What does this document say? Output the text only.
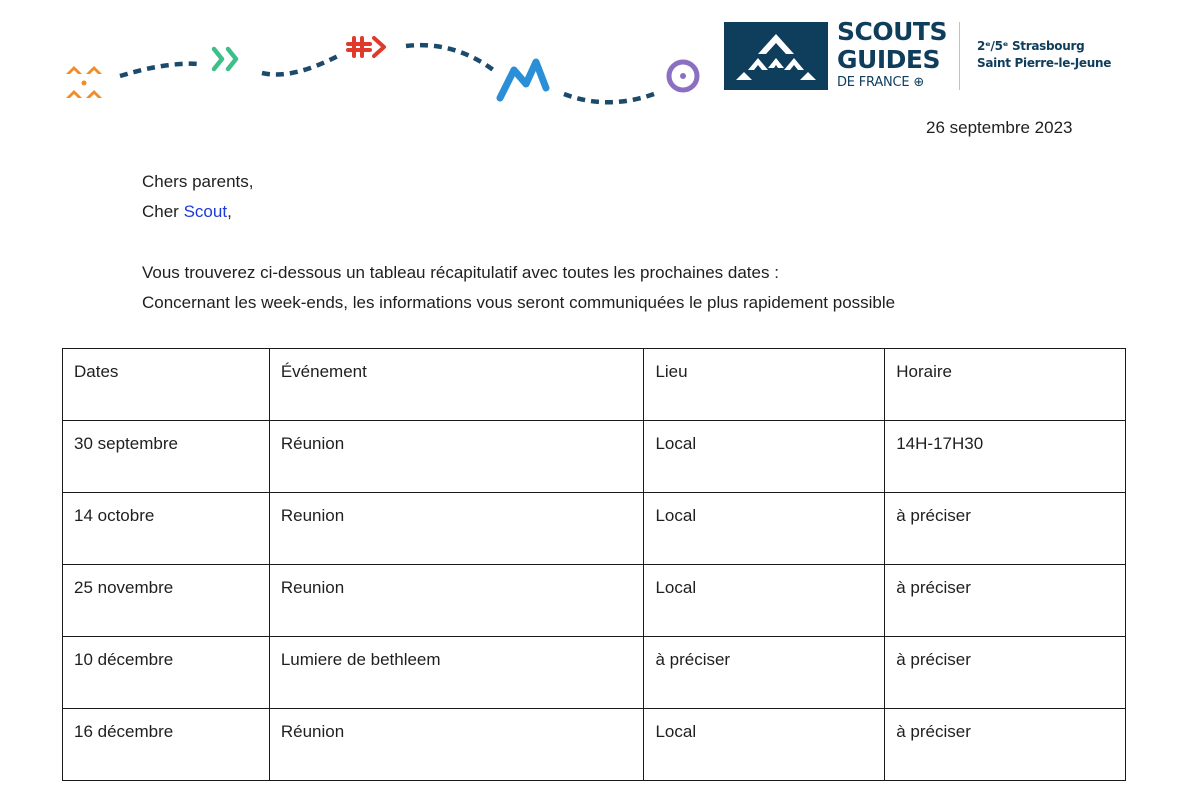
SCOUTS
GUIDES
DE FRANCE ⊕
2ᵉ/5ᵉ Strasbourg
Saint Pierre-le-Jeune
26 septembre 2023
Chers parents,
Cher Scout,
Vous trouverez ci-dessous un tableau récapitulatif avec toutes les prochaines dates :
Concernant les week-ends, les informations vous seront communiquées le plus rapidement possible
Dates	Événement	Lieu	Horaire
30 septembre	Réunion	Local	14H-17H30
14 octobre	Reunion	Local	à préciser
25 novembre	Reunion	Local	à préciser
10 décembre	Lumiere de bethleem	à préciser	à préciser
16 décembre	Réunion	Local	à préciser
